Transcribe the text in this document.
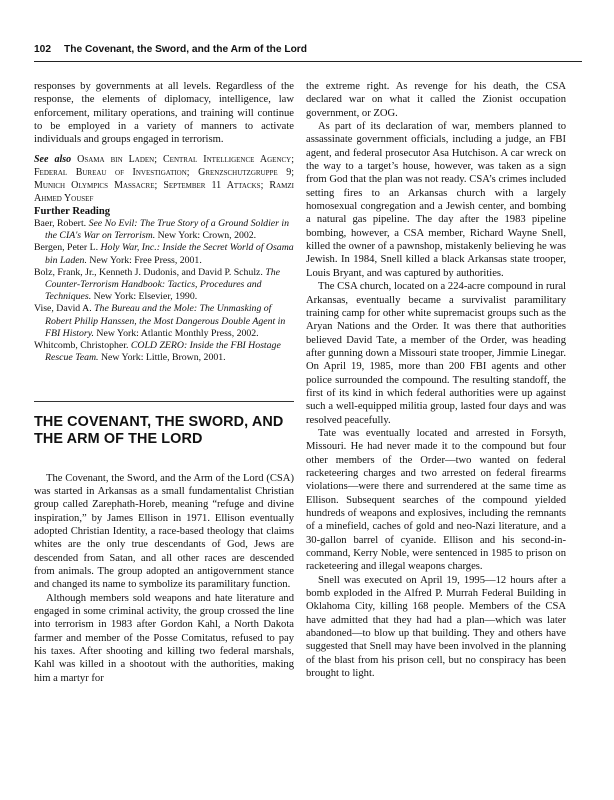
102 The Covenant, the Sword, and the Arm of the Lord

responses by governments at all levels. Regardless of the response, the elements of diplomacy, intelligence, law enforcement, military operations, and training will continue to be employed in a variety of manners to activate individuals and groups engaged in terrorism.

See also Osama bin Laden; Central Intelligence Agency; Federal Bureau of Investigation; Grenzschutzgruppe 9; Munich Olympics Massacre; September 11 Attacks; Ramzi Ahmed Yousef

Further Reading

Baer, Robert. See No Evil: The True Story of a Ground Soldier in the CIA's War on Terrorism. New York: Crown, 2002.

Bergen, Peter L. Holy War, Inc.: Inside the Secret World of Osama bin Laden. New York: Free Press, 2001.

Bolz, Frank, Jr., Kenneth J. Dudonis, and David P. Schulz. The Counter-Terrorism Handbook: Tactics, Procedures and Techniques. New York: Elsevier, 1990.

Vise, David A. The Bureau and the Mole: The Unmasking of Robert Philip Hanssen, the Most Dangerous Double Agent in FBI History. New York: Atlantic Monthly Press, 2002.

Whitcomb, Christopher. COLD ZERO: Inside the FBI Hostage Rescue Team. New York: Little, Brown, 2001.

THE COVENANT, THE SWORD, AND THE ARM OF THE LORD

The Covenant, the Sword, and the Arm of the Lord (CSA) was started in Arkansas as a small fundamentalist Christian group called Zarephath-Horeb, meaning “refuge and divine inspiration,” by James Ellison in 1971. Ellison eventually adopted Christian Identity, a race-based theology that claims whites are the only true descendants of God, Jews are descended from Satan, and all other races are descended from animals. The group adopted an antigovernment stance and changed its name to symbolize its paramilitary function.

Although members sold weapons and hate literature and engaged in some criminal activity, the group crossed the line into terrorism in 1983 after Gordon Kahl, a North Dakota farmer and member of the Posse Comitatus, refused to pay his taxes. After shooting and killing two federal marshals, Kahl was killed in a shootout with the authorities, making him a martyr for

the extreme right. As revenge for his death, the CSA declared war on what it called the Zionist occupation government, or ZOG.

As part of its declaration of war, members planned to assassinate government officials, including a judge, an FBI agent, and federal prosecutor Asa Hutchison. A car wreck on the way to a target’s house, however, was taken as a sign from God that the plan was not ready. CSA’s crimes included setting fires to an Arkansas church with a largely homosexual congregation and a Jewish center, and bombing a natural gas pipeline. The day after the 1983 pipeline bombing, however, a CSA member, Richard Wayne Snell, killed the owner of a pawnshop, mistakenly believing he was Jewish. In 1984, Snell killed a black Arkansas state trooper, Louis Bryant, and was captured by authorities.

The CSA church, located on a 224-acre compound in rural Arkansas, eventually became a survivalist paramilitary training camp for other white supremacist groups such as the Aryan Nations and the Order. It was there that authorities believed David Tate, a member of the Order, was heading after gunning down a Missouri state trooper, Jimmie Linegar. On April 19, 1985, more than 200 FBI agents and other police surrounded the compound. The resulting standoff, the first of its kind in which federal authorities were up against such a well-equipped militia group, lasted four days and was resolved peacefully.

Tate was eventually located and arrested in Forsyth, Missouri. He had never made it to the compound but four other members of the Order—two wanted on federal racketeering charges and two arrested on federal firearms violations—were there and surrendered at the same time as Ellison. Subsequent searches of the compound yielded hundreds of weapons and explosives, including the remnants of a minefield, caches of gold and neo-Nazi literature, and a 30-gallon barrel of cyanide. Ellison and his second-in-command, Kerry Noble, were sentenced in 1985 to prison on racketeering and illegal weapons charges.

Snell was executed on April 19, 1995—12 hours after a bomb exploded in the Alfred P. Murrah Federal Building in Oklahoma City, killing 168 people. Members of the CSA have admitted that they had had a plan—which was later abandoned—to blow up that building. They and others have suggested that Snell may have been involved in the planning of the blast from his prison cell, but no conspiracy has been brought to light.
